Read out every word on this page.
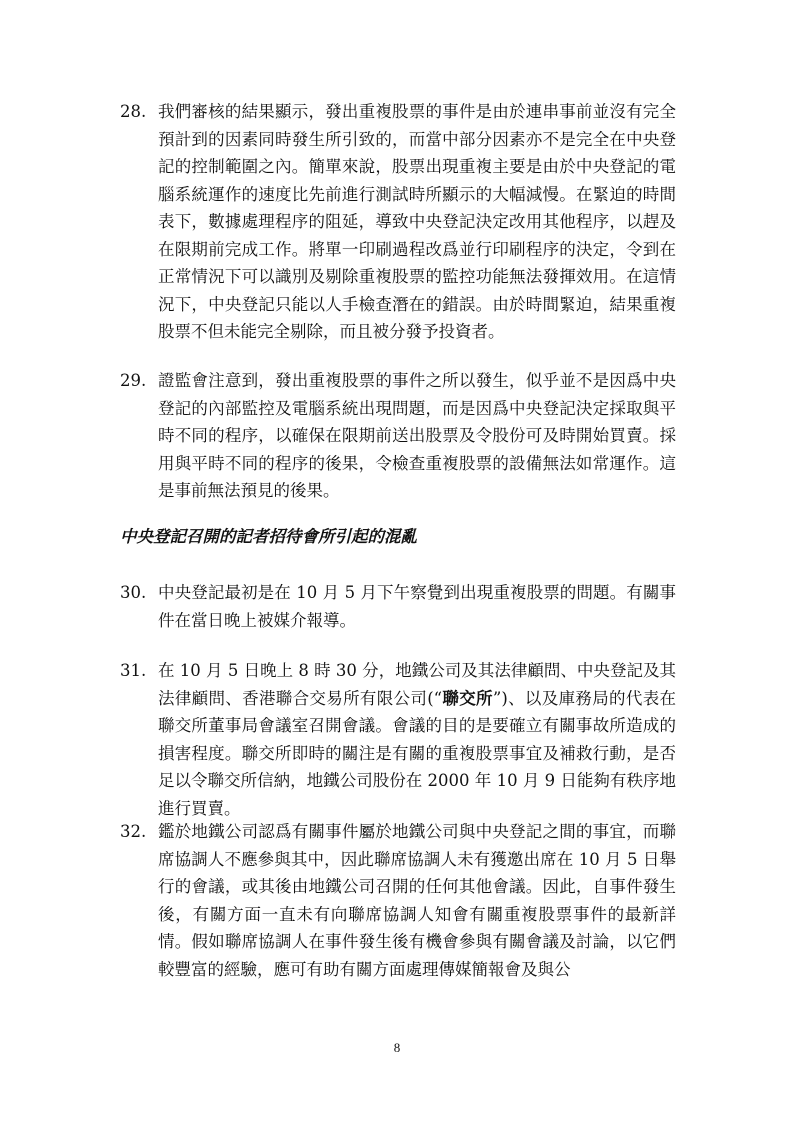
28. 我們審核的結果顯示，發出重複股票的事件是由於連串事前並沒有完全預計到的因素同時發生所引致的，而當中部分因素亦不是完全在中央登記的控制範圍之內。簡單來說，股票出現重複主要是由於中央登記的電腦系統運作的速度比先前進行測試時所顯示的大幅減慢。在緊迫的時間表下，數據處理程序的阻延，導致中央登記決定改用其他程序，以趕及在限期前完成工作。將單一印刷過程改爲並行印刷程序的決定，令到在正常情況下可以識別及剔除重複股票的監控功能無法發揮效用。在這情況下，中央登記只能以人手檢查潛在的錯誤。由於時間緊迫，結果重複股票不但未能完全剔除，而且被分發予投資者。
29. 證監會注意到，發出重複股票的事件之所以發生，似乎並不是因爲中央登記的內部監控及電腦系統出現問題，而是因爲中央登記決定採取與平時不同的程序，以確保在限期前送出股票及令股份可及時開始買賣。採用與平時不同的程序的後果，令檢查重複股票的設備無法如常運作。這是事前無法預見的後果。
中央登記召開的記者招待會所引起的混亂
30. 中央登記最初是在 10 月 5 月下午察覺到出現重複股票的問題。有關事件在當日晚上被媒介報導。
31. 在 10 月 5 日晚上 8 時 30 分，地鐵公司及其法律顧問、中央登記及其法律顧問、香港聯合交易所有限公司(“聯交所”)、以及庫務局的代表在聯交所董事局會議室召開會議。會議的目的是要確立有關事故所造成的損害程度。聯交所即時的關注是有關的重複股票事宜及補救行動，是否足以令聯交所信納，地鐵公司股份在 2000 年 10 月 9 日能夠有秩序地進行買賣。
32. 鑑於地鐵公司認爲有關事件屬於地鐵公司與中央登記之間的事宜，而聯席協調人不應參與其中，因此聯席協調人未有獲邀出席在 10 月 5 日舉行的會議，或其後由地鐵公司召開的任何其他會議。因此，自事件發生後，有關方面一直未有向聯席協調人知會有關重複股票事件的最新詳情。假如聯席協調人在事件發生後有機會參與有關會議及討論，以它們較豐富的經驗，應可有助有關方面處理傳媒簡報會及與公
8
